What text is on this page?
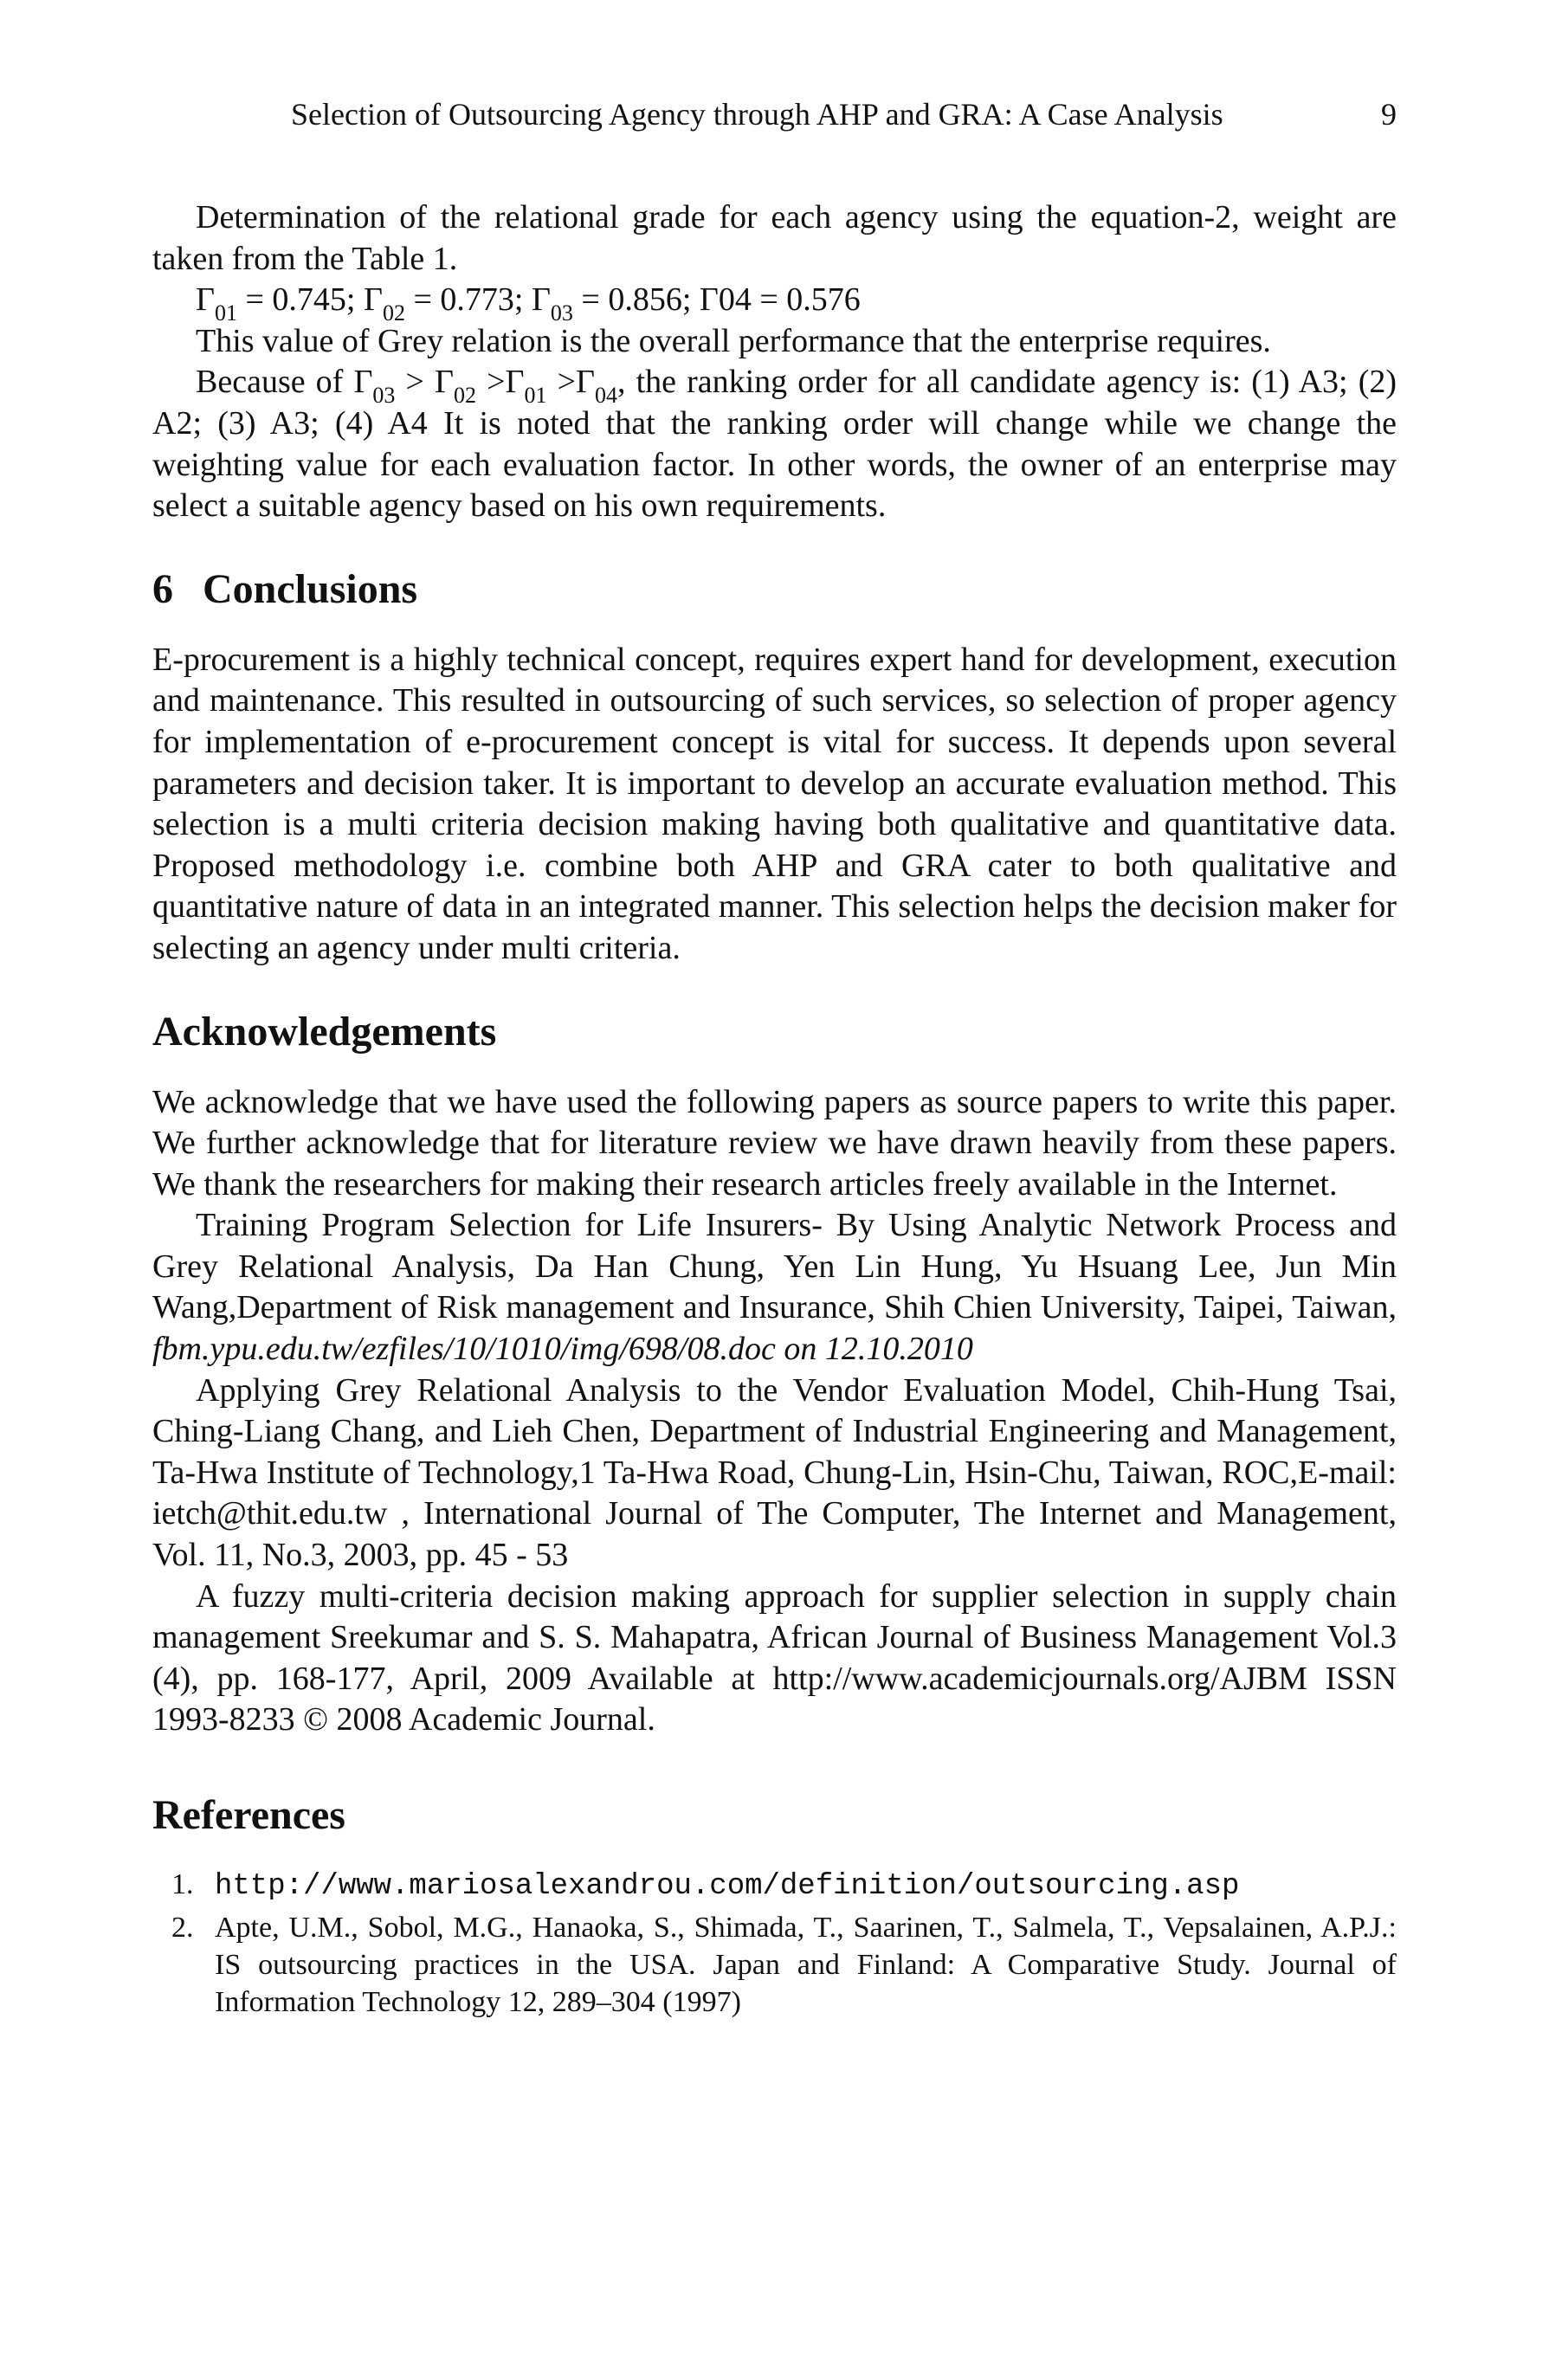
Selection of Outsourcing Agency through AHP and GRA: A Case Analysis	9

Determination of the relational grade for each agency using the equation-2, weight are taken from the Table 1.

$\Gamma_{01} = 0.745$; $\Gamma_{02} = 0.773$; $\Gamma_{03} = 0.856$; Γ04 = 0.576

This value of Grey relation is the overall performance that the enterprise requires.

Because of $\Gamma_{03} > \Gamma_{02} >\Gamma_{01} >\Gamma_{04}$, the ranking order for all candidate agency is: (1) A3; (2) A2; (3) A3; (4) A4 It is noted that the ranking order will change while we change the weighting value for each evaluation factor. In other words, the owner of an enterprise may select a suitable agency based on his own requirements.

6 Conclusions

E-procurement is a highly technical concept, requires expert hand for development, execution and maintenance. This resulted in outsourcing of such services, so selection of proper agency for implementation of e-procurement concept is vital for success. It depends upon several parameters and decision taker. It is important to develop an accurate evaluation method. This selection is a multi criteria decision making having both qualitative and quantitative data. Proposed methodology i.e. combine both AHP and GRA cater to both qualitative and quantitative nature of data in an integrated manner. This selection helps the decision maker for selecting an agency under multi criteria.

Acknowledgements

We acknowledge that we have used the following papers as source papers to write this paper. We further acknowledge that for literature review we have drawn heavily from these papers. We thank the researchers for making their research articles freely available in the Internet.

Training Program Selection for Life Insurers- By Using Analytic Network Process and Grey Relational Analysis, Da Han Chung, Yen Lin Hung, Yu Hsuang Lee, Jun Min Wang,Department of Risk management and Insurance, Shih Chien University, Taipei, Taiwan, fbm.ypu.edu.tw/ezfiles/10/1010/img/698/08.doc on 12.10.2010

Applying Grey Relational Analysis to the Vendor Evaluation Model, Chih-Hung Tsai, Ching-Liang Chang, and Lieh Chen, Department of Industrial Engineering and Management, Ta-Hwa Institute of Technology,1 Ta-Hwa Road, Chung-Lin, Hsin-Chu, Taiwan, ROC,E-mail: ietch@thit.edu.tw , International Journal of The Computer, The Internet and Management, Vol. 11, No.3, 2003, pp. 45 - 53

A fuzzy multi-criteria decision making approach for supplier selection in supply chain management Sreekumar and S. S. Mahapatra, African Journal of Business Management Vol.3 (4), pp. 168-177, April, 2009 Available at http://www.academicjournals.org/AJBM ISSN 1993-8233 © 2008 Academic Journal.

References
1. http://www.mariosalexandrou.com/definition/outsourcing.asp
2. Apte, U.M., Sobol, M.G., Hanaoka, S., Shimada, T., Saarinen, T., Salmela, T., Vepsalainen, A.P.J.: IS outsourcing practices in the USA. Japan and Finland: A Comparative Study. Journal of Information Technology 12, 289–304 (1997)
